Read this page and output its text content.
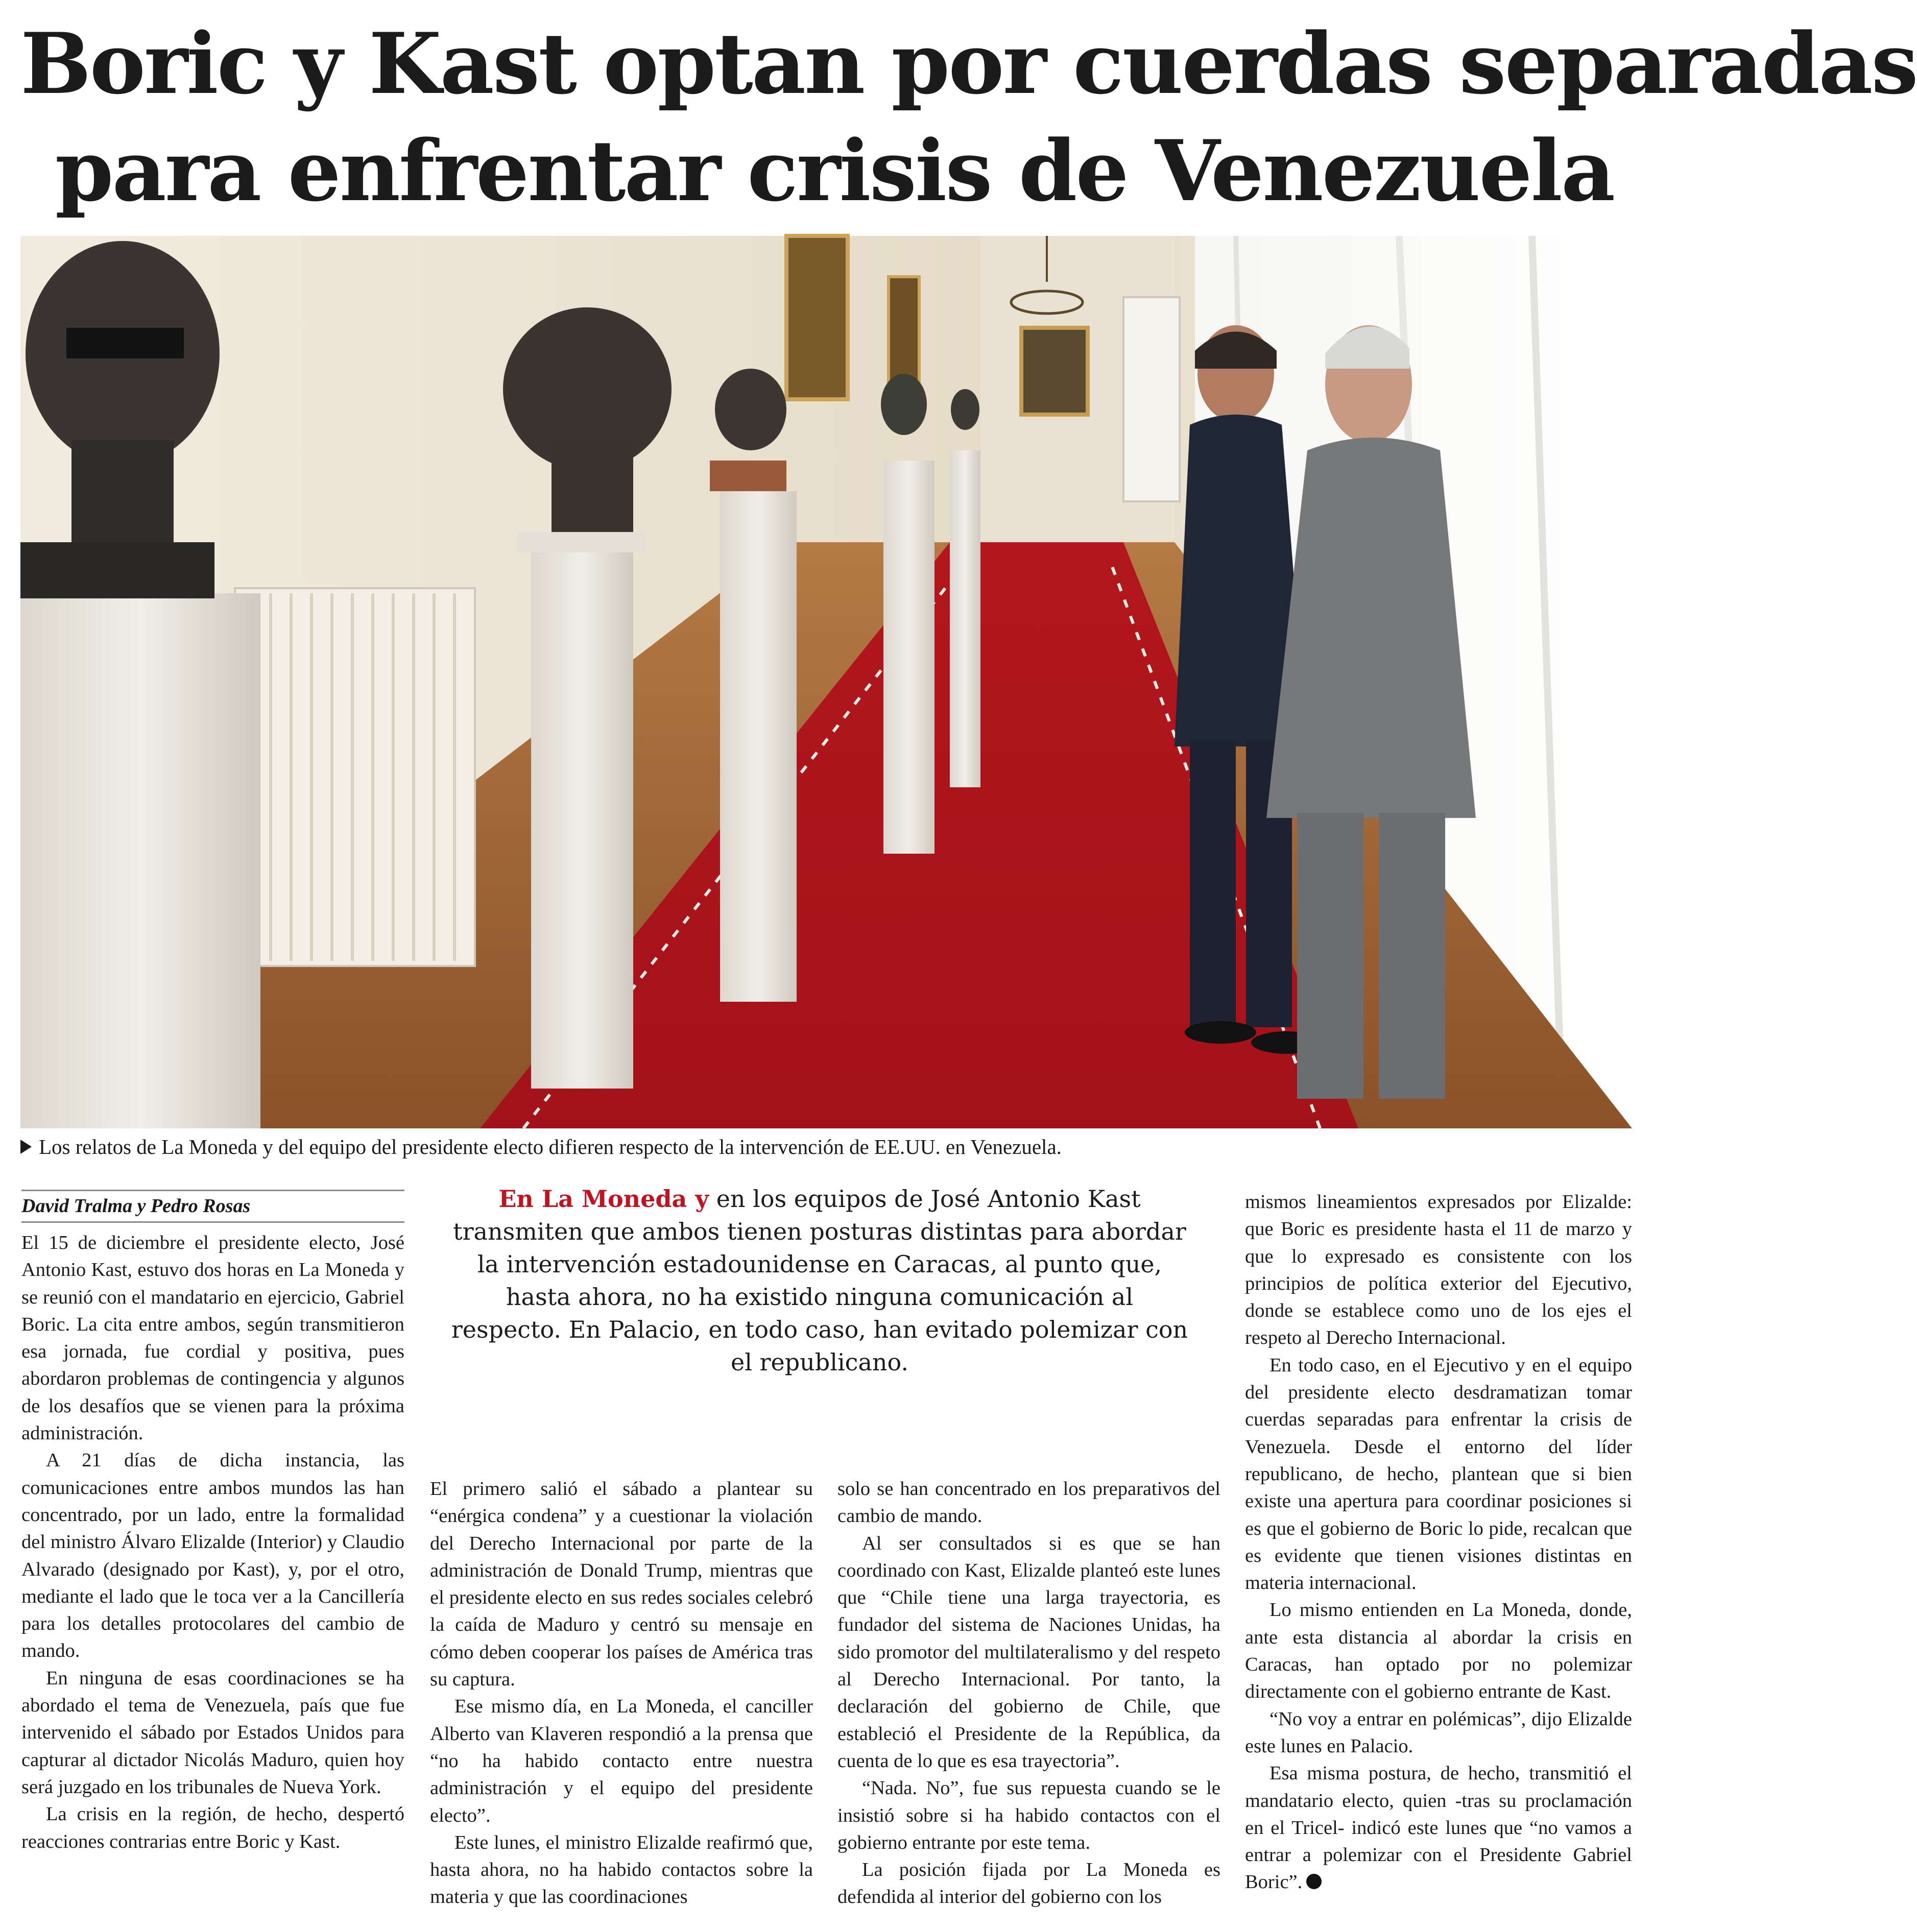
Boric y Kast optan por cuerdas separadas
para enfrentar crisis de Venezuela
Los relatos de La Moneda y del equipo del presidente electo difieren respecto de la intervención de EE.UU. en Venezuela.
David Tralma y Pedro Rosas	En La Moneda y en los equipos de José Antonio Kast transmiten que ambos tienen posturas distintas para abordar la intervención estadounidense en Caracas, al punto que, hasta ahora, no ha existido ninguna comunicación al respecto. En Palacio, en todo caso, han evitado polemizar con el republicano.

El 15 de diciembre el presidente electo, José Antonio Kast, estuvo dos horas en La Moneda y se reunió con el mandatario en ejercicio, Gabriel Boric. La cita entre ambos, según transmitieron esa jornada, fue cordial y positiva, pues abordaron problemas de contingencia y algunos de los desafíos que se vienen para la próxima administración.

A 21 días de dicha instancia, las comunicaciones entre ambos mundos las han concentrado, por un lado, entre la formalidad del ministro Álvaro Elizalde (Interior) y Claudio Alvarado (designado por Kast), y, por el otro, mediante el lado que le toca ver a la Cancillería para los detalles protocolares del cambio de mando.

En ninguna de esas coordinaciones se ha abordado el tema de Venezuela, país que fue intervenido el sábado por Estados Unidos para capturar al dictador Nicolás Maduro, quien hoy será juzgado en los tribunales de Nueva York.

La crisis en la región, de hecho, despertó reacciones contrarias entre Boric y Kast.

El primero salió el sábado a plantear su “enérgica condena” y a cuestionar la violación del Derecho Internacional por parte de la administración de Donald Trump, mientras que el presidente electo en sus redes sociales celebró la caída de Maduro y centró su mensaje en cómo deben cooperar los países de América tras su captura.

Ese mismo día, en La Moneda, el canciller Alberto van Klaveren respondió a la prensa que “no ha habido contacto entre nuestra administración y el equipo del presidente electo”.

Este lunes, el ministro Elizalde reafirmó que, hasta ahora, no ha habido contactos sobre la materia y que las coordinaciones

solo se han concentrado en los preparativos del cambio de mando.

Al ser consultados si es que se han coordinado con Kast, Elizalde planteó este lunes que “Chile tiene una larga trayectoria, es fundador del sistema de Naciones Unidas, ha sido promotor del multilateralismo y del respeto al Derecho Internacional. Por tanto, la declaración del gobierno de Chile, que estableció el Presidente de la República, da cuenta de lo que es esa trayectoria”.

“Nada. No”, fue sus repuesta cuando se le insistió sobre si ha habido contactos con el gobierno entrante por este tema.

La posición fijada por La Moneda es defendida al interior del gobierno con los

mismos lineamientos expresados por Elizalde: que Boric es presidente hasta el 11 de marzo y que lo expresado es consistente con los principios de política exterior del Ejecutivo, donde se establece como uno de los ejes el respeto al Derecho Internacional.

En todo caso, en el Ejecutivo y en el equipo del presidente electo desdramatizan tomar cuerdas separadas para enfrentar la crisis de Venezuela. Desde el entorno del líder republicano, de hecho, plantean que si bien existe una apertura para coordinar posiciones si es que el gobierno de Boric lo pide, recalcan que es evidente que tienen visiones distintas en materia internacional.

Lo mismo entienden en La Moneda, donde, ante esta distancia al abordar la crisis en Caracas, han optado por no polemizar directamente con el gobierno entrante de Kast.

“No voy a entrar en polémicas”, dijo Elizalde este lunes en Palacio.

Esa misma postura, de hecho, transmitió el mandatario electo, quien -tras su proclamación en el Tricel- indicó este lunes que “no vamos a entrar a polemizar con el Presidente Gabriel Boric”.
